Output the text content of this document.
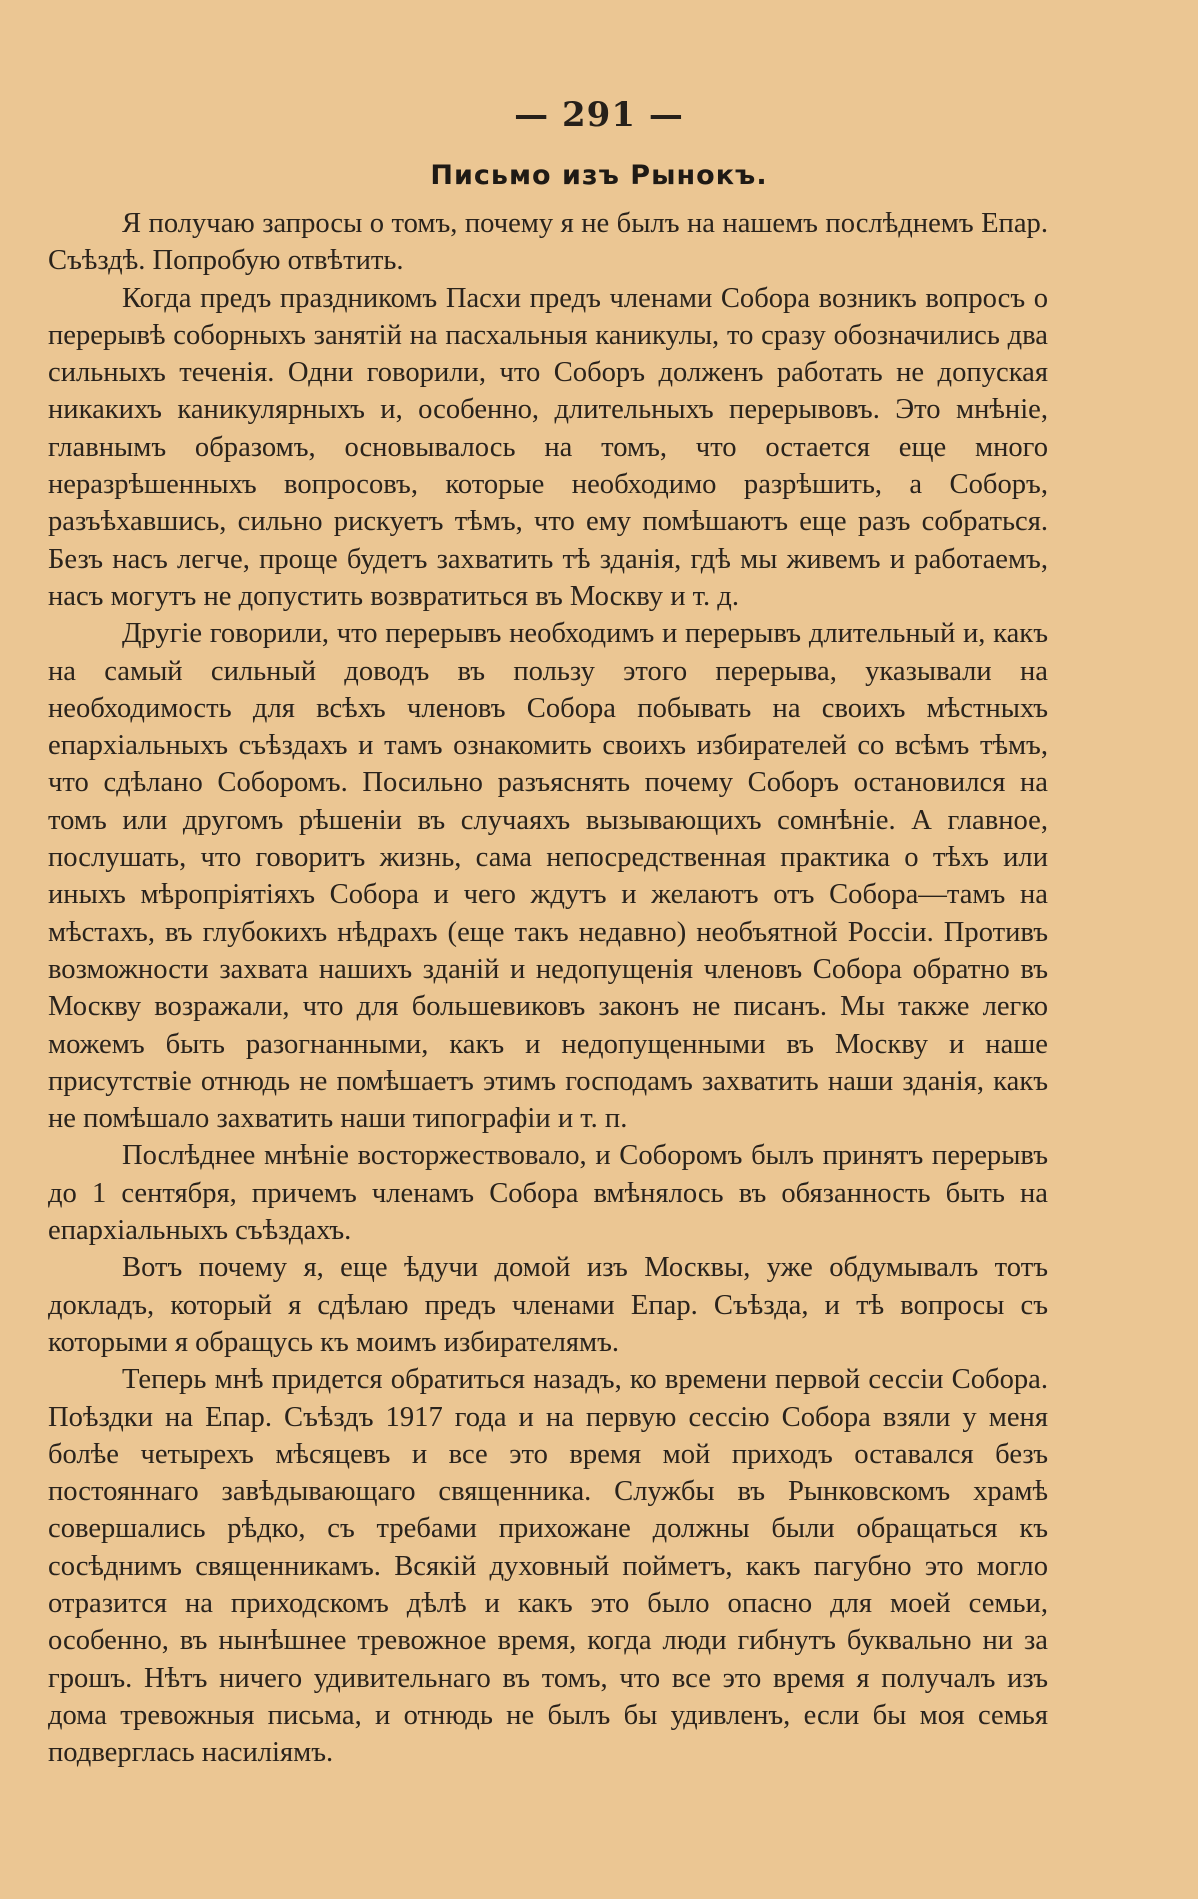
— 291 —
Письмо изъ Рынокъ.

Я получаю запросы о томъ, почему я не былъ на нашемъ послѣднемъ Епар. Съѣздѣ. Попробую отвѣтить.

Когда предъ праздникомъ Пасхи предъ членами Собора возникъ вопросъ о перерывѣ соборныхъ занятій на пасхальныя каникулы, то сразу обозначились два сильныхъ теченія. Одни говорили, что Соборъ долженъ работать не допуская никакихъ каникулярныхъ и, особенно, длительныхъ перерывовъ. Это мнѣніе, главнымъ образомъ, основывалось на томъ, что остается еще много неразрѣшенныхъ вопросовъ, которые необходимо разрѣшить, а Соборъ, разъѣхавшись, сильно рискуетъ тѣмъ, что ему помѣшаютъ еще разъ собраться. Безъ насъ легче, проще будетъ захватить тѣ зданія, гдѣ мы живемъ и работаемъ, насъ могутъ не допустить возвратиться въ Москву и т. д.

Другіе говорили, что перерывъ необходимъ и перерывъ длительный и, какъ на самый сильный доводъ въ пользу этого перерыва, указывали на необходимость для всѣхъ членовъ Собора побывать на своихъ мѣстныхъ епархіальныхъ съѣздахъ и тамъ ознакомить своихъ избирателей со всѣмъ тѣмъ, что сдѣлано Соборомъ. Посильно разъяснять почему Соборъ остановился на томъ или другомъ рѣшеніи въ случаяхъ вызывающихъ сомнѣніе. А главное, послушать, что говоритъ жизнь, сама непосредственная практика о тѣхъ или иныхъ мѣропріятіяхъ Собора и чего ждутъ и желаютъ отъ Собора—тамъ на мѣстахъ, въ глубокихъ нѣдрахъ (еще такъ недавно) необъятной Россіи. Противъ возможности захвата нашихъ зданій и недопущенія членовъ Собора обратно въ Москву возражали, что для большевиковъ законъ не писанъ. Мы также легко можемъ быть разогнанными, какъ и недопущенными въ Москву и наше присутствіе отнюдь не помѣшаетъ этимъ господамъ захватить наши зданія, какъ не помѣшало захватить наши типографіи и т. п.

Послѣднее мнѣніе восторжествовало, и Соборомъ былъ принятъ перерывъ до 1 сентября, причемъ членамъ Собора вмѣнялось въ обязанность быть на епархіальныхъ съѣздахъ.

Вотъ почему я, еще ѣдучи домой изъ Москвы, уже обдумывалъ тотъ докладъ, который я сдѣлаю предъ членами Епар. Съѣзда, и тѣ вопросы съ которыми я обращусь къ моимъ избирателямъ.

Теперь мнѣ придется обратиться назадъ, ко времени первой сессіи Собора. Поѣздки на Епар. Съѣздъ 1917 года и на первую сессію Собора взяли у меня болѣе четырехъ мѣсяцевъ и все это время мой приходъ оставался безъ постояннаго завѣдывающаго священника. Службы въ Рынковскомъ храмѣ совершались рѣдко, съ требами прихожане должны были обращаться къ сосѣднимъ священникамъ. Всякій духовный пойметъ, какъ пагубно это могло отразится на приходскомъ дѣлѣ и какъ это было опасно для моей семьи, особенно, въ нынѣшнее тревожное время, когда люди гибнутъ буквально ни за грошъ. Нѣтъ ничего удивительнаго въ томъ, что все это время я получалъ изъ дома тревожныя письма, и отнюдь не былъ бы удивленъ, если бы моя семья подверглась насиліямъ.
